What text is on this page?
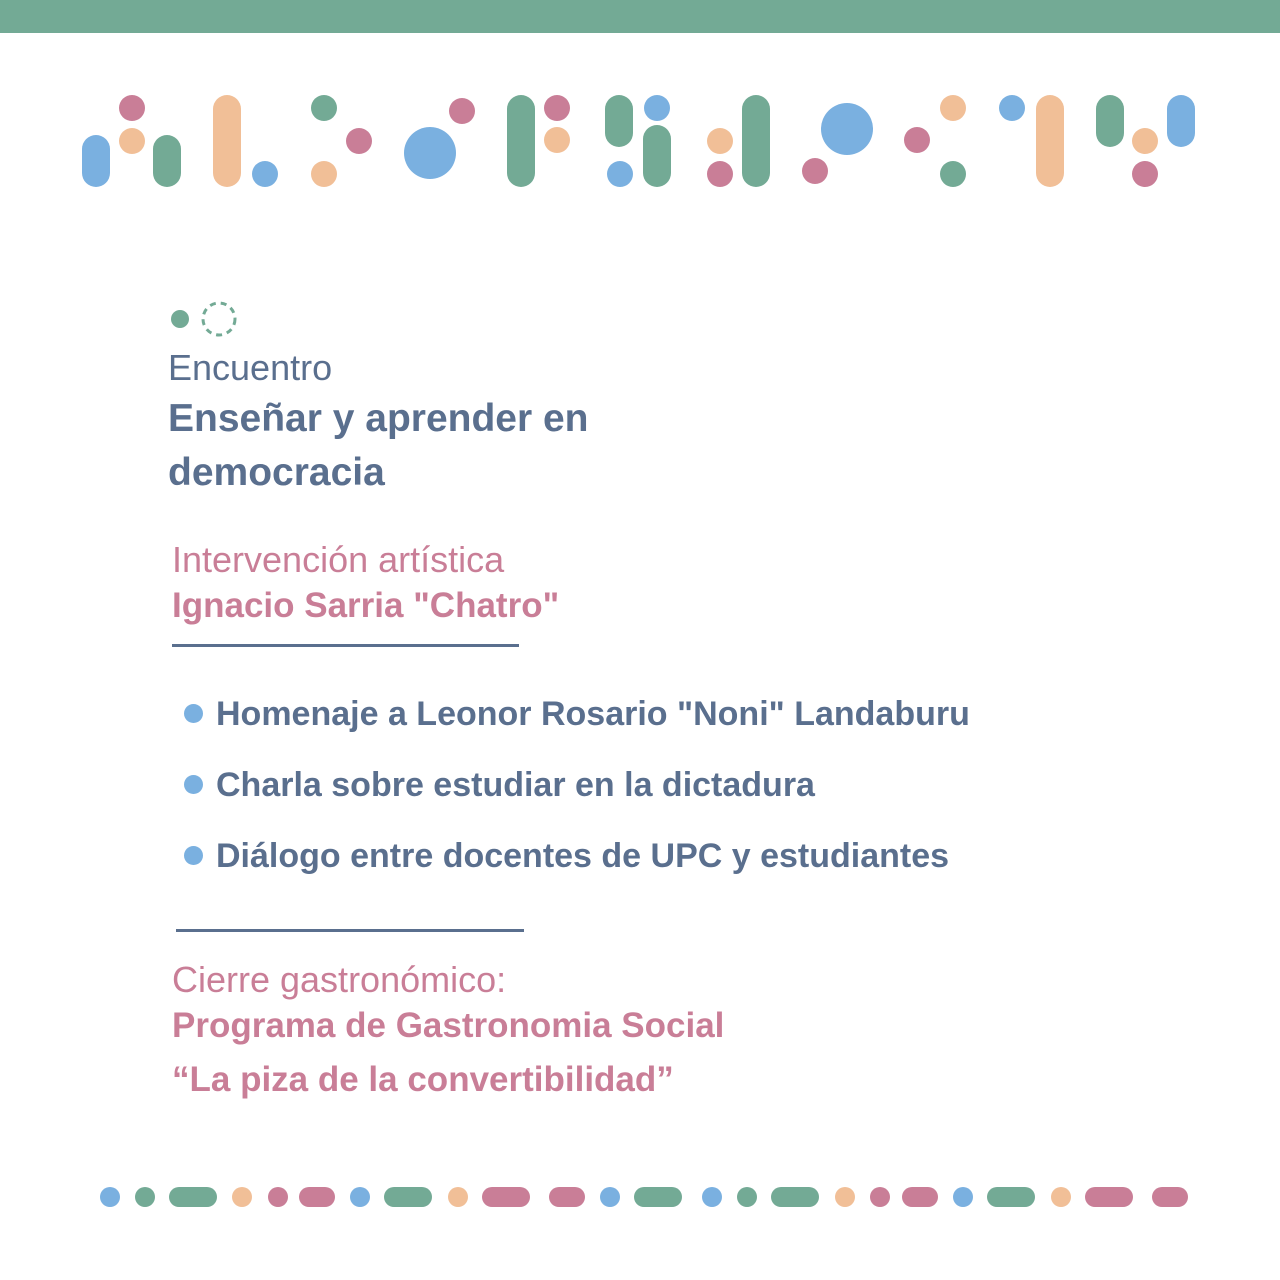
Encuentro
Enseñar y aprender en democracia
Intervención artística
Ignacio Sarria "Chatro"
Homenaje a Leonor Rosario "Noni" Landaburu
Charla sobre estudiar en la dictadura
Diálogo entre docentes de UPC y estudiantes
Cierre gastronómico:
Programa de Gastronomia Social
“La piza de la convertibilidad”
